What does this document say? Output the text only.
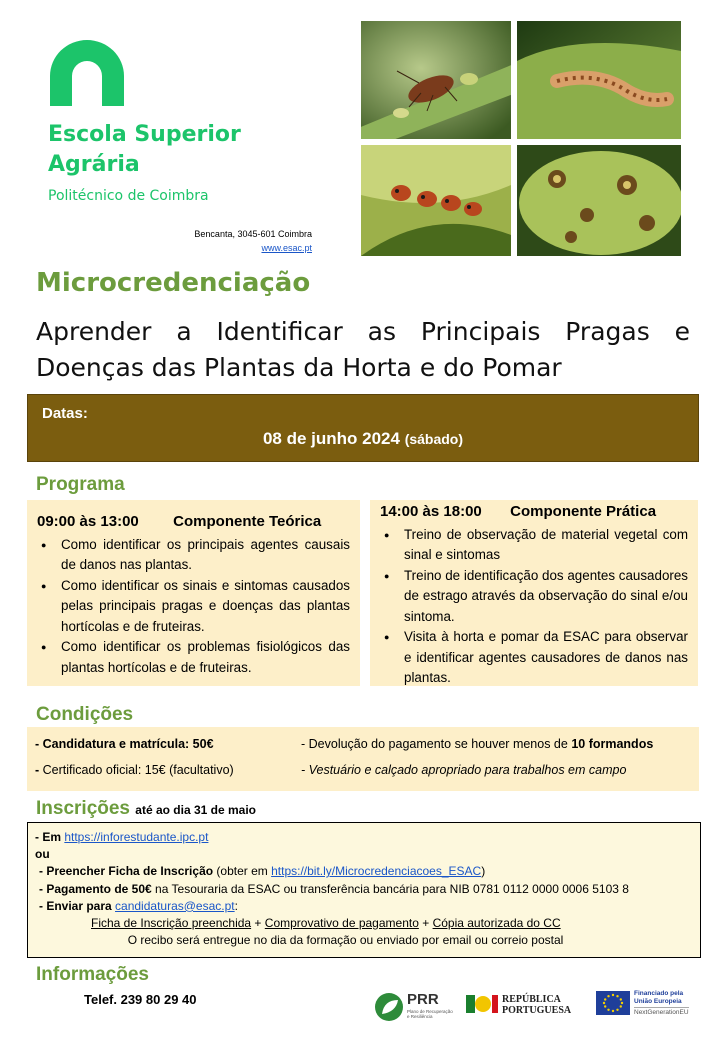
Escola Superior
Agrária
Politécnico de Coimbra
Bencanta, 3045-601 Coimbra
www.esac.pt
Microcredenciação
Aprender a Identificar as Principais Pragas e
Doenças das Plantas da Horta e do Pomar
Datas:
08 de junho 2024 (sábado)
Programa
09:00 às 13:00 Componente Teórica
● Como identificar os principais agentes causais de danos nas plantas.
● Como identificar os sinais e sintomas causados pelas principais pragas e doenças das plantas hortícolas e de fruteiras.
● Como identificar os problemas fisiológicos das plantas hortícolas e de fruteiras.
14:00 às 18:00 Componente Prática
● Treino de observação de material vegetal com sinal e sintomas
● Treino de identificação dos agentes causadores de estrago através da observação do sinal e/ou sintoma.
● Visita à horta e pomar da ESAC para observar e identificar agentes causadores de danos nas plantas.
Condições
- Candidatura e matrícula: 50€	- Devolução do pagamento se houver menos de 10 formandos
- Certificado oficial: 15€ (facultativo)	- Vestuário e calçado apropriado para trabalhos em campo
Inscrições até ao dia 31 de maio
- Em https://inforestudante.ipc.pt
ou
- Preencher Ficha de Inscrição (obter em https://bit.ly/Microcredenciacoes_ESAC)
- Pagamento de 50€ na Tesouraria da ESAC ou transferência bancária para NIB 0781 0112 0000 0006 5103 8
- Enviar para candidaturas@esac.pt:
Ficha de Inscrição preenchida + Comprovativo de pagamento + Cópia autorizada do CC
O recibo será entregue no dia da formação ou enviado por email ou correio postal
Informações
Telef. 239 80 29 40	PRR
Plano de Recuperação
e Resiliência
REPÚBLICA
PORTUGUESA
Financiado pela
União Europeia
NextGenerationEU
